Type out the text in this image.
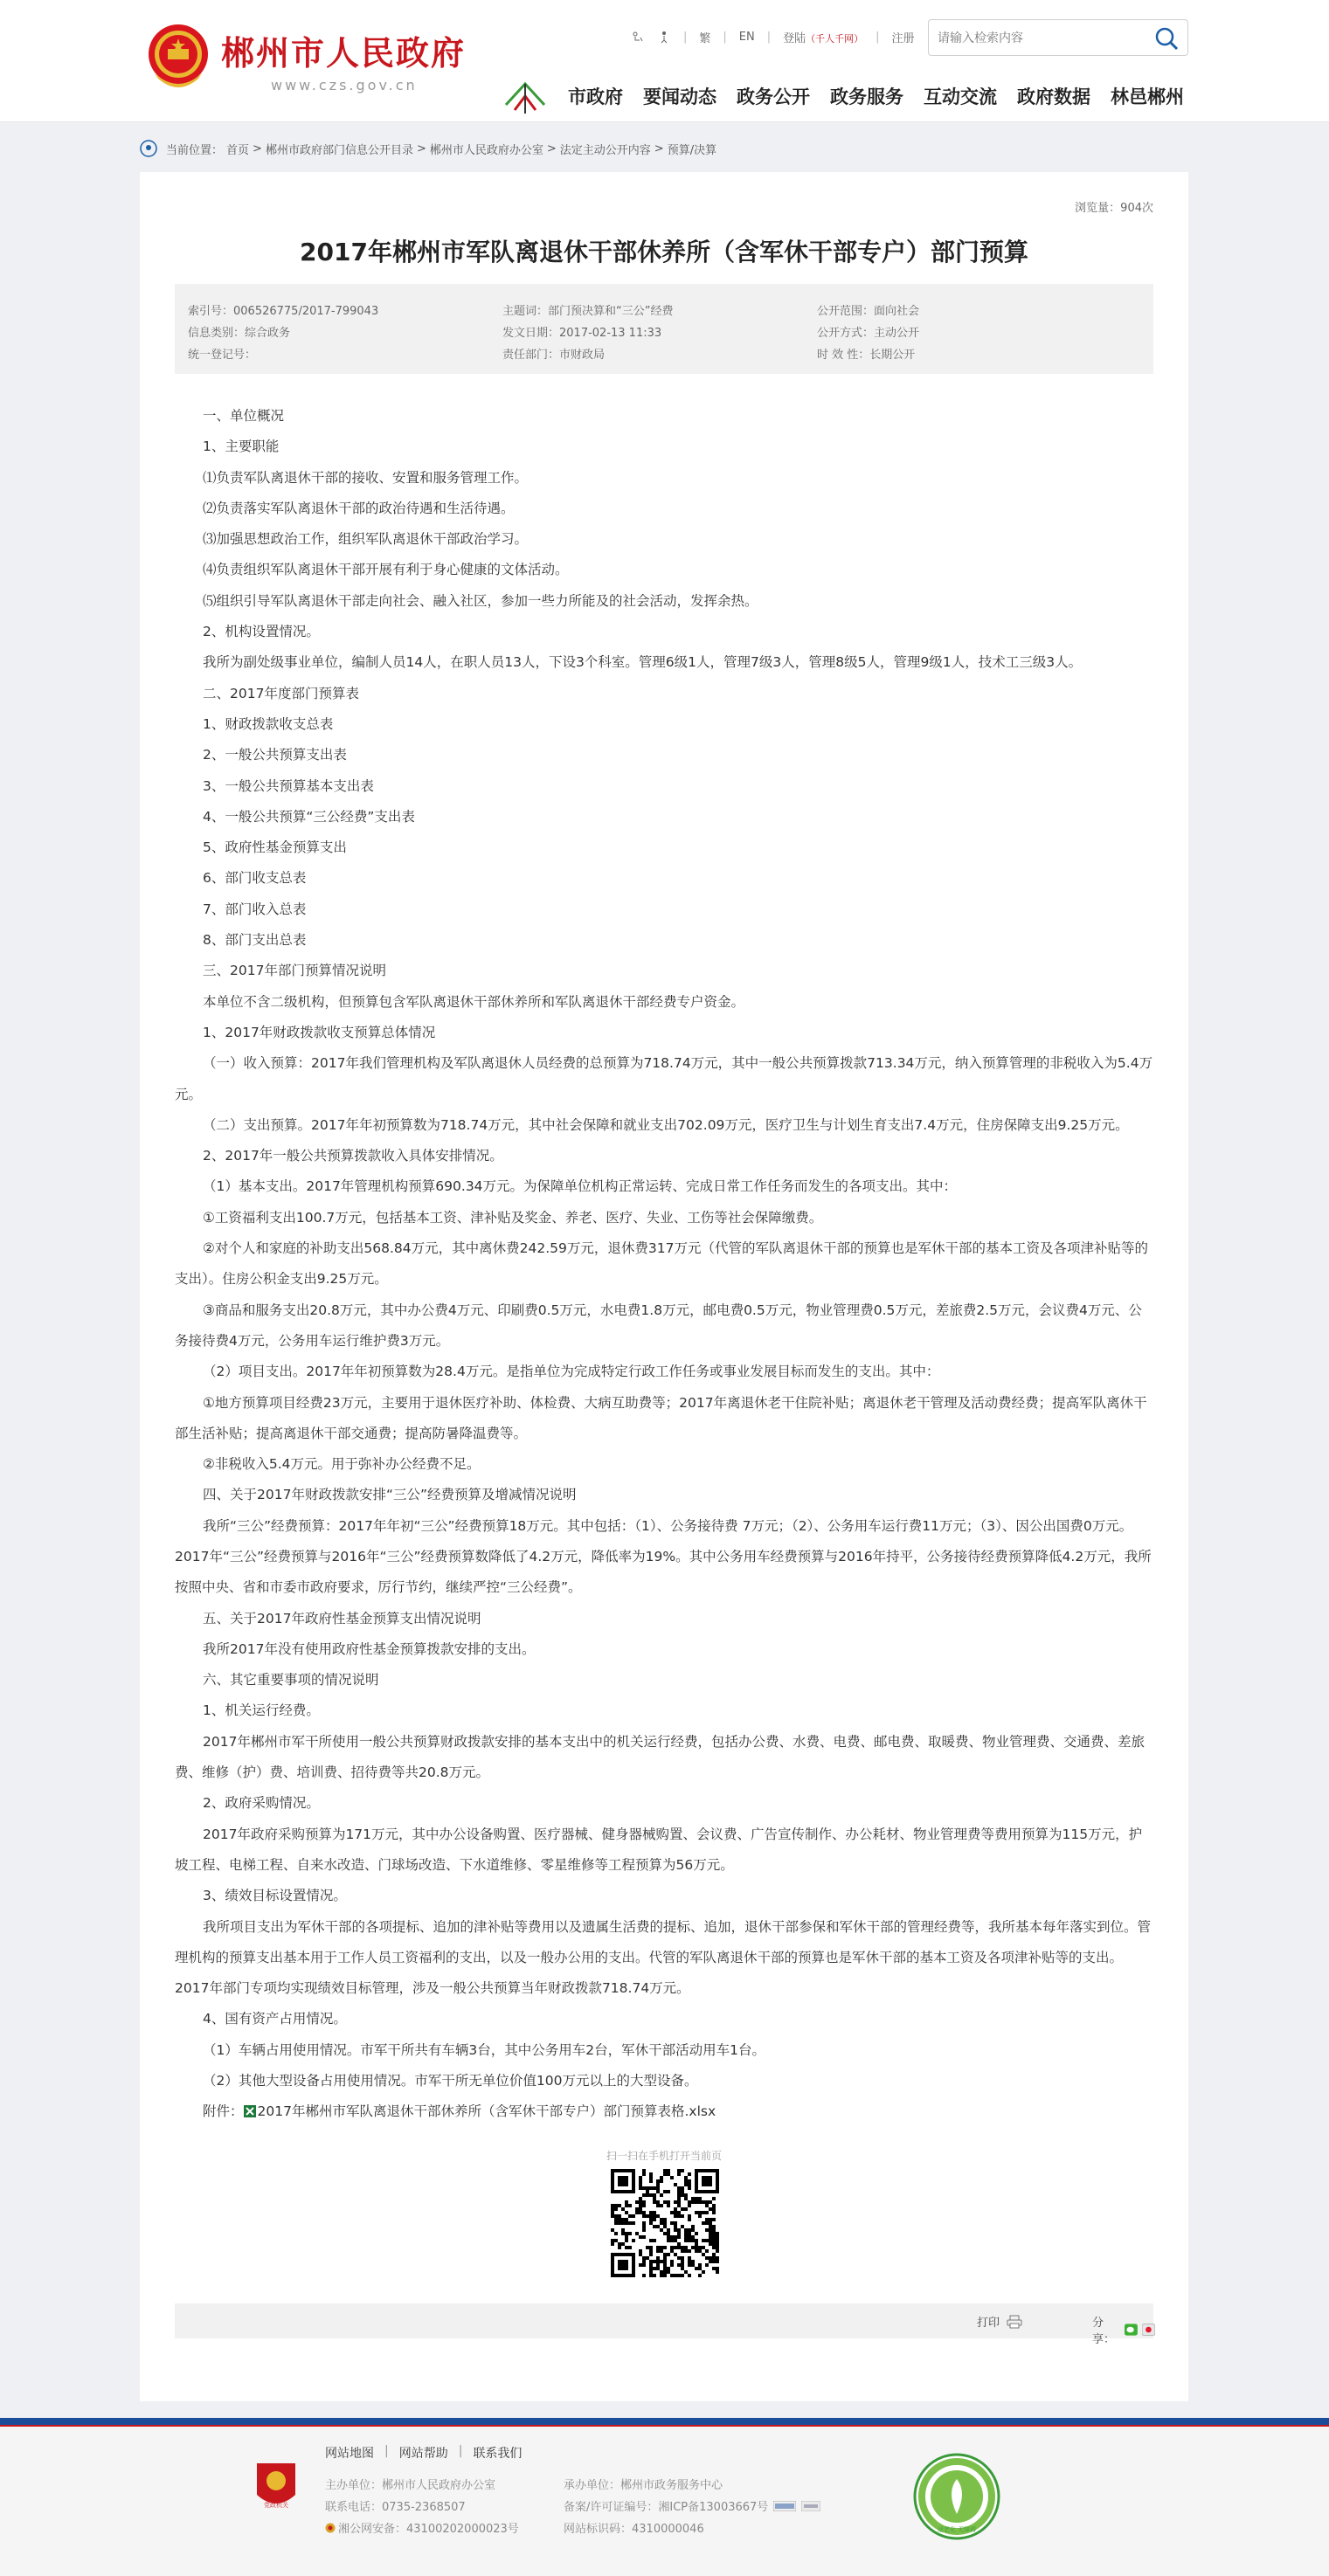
郴州市人民政府
www.czs.gov.cn
| 繁 | EN | 登陆（千人千网） | 注册
请输入检索内容
市政府 要闻动态 政务公开 政务服务 互动交流 政府数据 林邑郴州
当前位置： 首页 > 郴州市政府部门信息公开目录 > 郴州市人民政府办公室 > 法定主动公开内容 > 预算/决算
浏览量：904次
2017年郴州市军队离退休干部休养所（含军休干部专户）部门预算
索引号：006526775/2017-799043
信息类别：综合政务
统一登记号：
主题词：部门预决算和“三公”经费
发文日期：2017-02-13 11:33
责任部门：市财政局
公开范围：面向社会
公开方式：主动公开
时 效 性：长期公开

一、单位概况

1、主要职能

⑴负责军队离退休干部的接收、安置和服务管理工作。

⑵负责落实军队离退休干部的政治待遇和生活待遇。

⑶加强思想政治工作，组织军队离退休干部政治学习。

⑷负责组织军队离退休干部开展有利于身心健康的文体活动。

⑸组织引导军队离退休干部走向社会、融入社区，参加一些力所能及的社会活动，发挥余热。

2、机构设置情况。

我所为副处级事业单位，编制人员14人，在职人员13人，下设3个科室。管理6级1人，管理7级3人，管理8级5人，管理9级1人，技术工三级3人。

二、2017年度部门预算表

1、财政拨款收支总表

2、一般公共预算支出表

3、一般公共预算基本支出表

4、一般公共预算“三公经费”支出表

5、政府性基金预算支出

6、部门收支总表

7、部门收入总表

8、部门支出总表

三、2017年部门预算情况说明

本单位不含二级机构，但预算包含军队离退休干部休养所和军队离退休干部经费专户资金。

1、2017年财政拨款收支预算总体情况

（一）收入预算：2017年我们管理机构及军队离退休人员经费的总预算为718.74万元，其中一般公共预算拨款713.34万元，纳入预算管理的非税收入为5.4万元。

（二）支出预算。2017年年初预算数为718.74万元，其中社会保障和就业支出702.09万元，医疗卫生与计划生育支出7.4万元，住房保障支出9.25万元。

2、2017年一般公共预算拨款收入具体安排情况。

（1）基本支出。2017年管理机构预算690.34万元。为保障单位机构正常运转、完成日常工作任务而发生的各项支出。其中：

①工资福利支出100.7万元，包括基本工资、津补贴及奖金、养老、医疗、失业、工伤等社会保障缴费。

②对个人和家庭的补助支出568.84万元，其中离休费242.59万元，退休费317万元（代管的军队离退休干部的预算也是军休干部的基本工资及各项津补贴等的支出）。住房公积金支出9.25万元。

③商品和服务支出20.8万元，其中办公费4万元、印刷费0.5万元，水电费1.8万元，邮电费0.5万元，物业管理费0.5万元，差旅费2.5万元，会议费4万元、公务接待费4万元，公务用车运行维护费3万元。

（2）项目支出。2017年年初预算数为28.4万元。是指单位为完成特定行政工作任务或事业发展目标而发生的支出。其中：

①地方预算项目经费23万元，主要用于退休医疗补助、体检费、大病互助费等；2017年离退休老干住院补贴；离退休老干管理及活动费经费；提高军队离休干部生活补贴；提高离退休干部交通费；提高防暑降温费等。

②非税收入5.4万元。用于弥补办公经费不足。

四、关于2017年财政拨款安排“三公”经费预算及增减情况说明

我所“三公”经费预算：2017年年初“三公”经费预算18万元。其中包括：（1）、公务接待费 7万元；（2）、公务用车运行费11万元；（3）、因公出国费0万元。2017年“三公”经费预算与2016年“三公”经费预算数降低了4.2万元，降低率为19%。其中公务用车经费预算与2016年持平，公务接待经费预算降低4.2万元，我所按照中央、省和市委市政府要求，厉行节约，继续严控“三公经费”。

五、关于2017年政府性基金预算支出情况说明

我所2017年没有使用政府性基金预算拨款安排的支出。

六、其它重要事项的情况说明

1、机关运行经费。

2017年郴州市军干所使用一般公共预算财政拨款安排的基本支出中的机关运行经费，包括办公费、水费、电费、邮电费、取暖费、物业管理费、交通费、差旅费、维修（护）费、培训费、招待费等共20.8万元。

2、政府采购情况。

2017年政府采购预算为171万元，其中办公设备购置、医疗器械、健身器械购置、会议费、广告宣传制作、办公耗材、物业管理费等费用预算为115万元，护坡工程、电梯工程、自来水改造、门球场改造、下水道维修、零星维修等工程预算为56万元。

3、绩效目标设置情况。

我所项目支出为军休干部的各项提标、追加的津补贴等费用以及遗属生活费的提标、追加，退休干部参保和军休干部的管理经费等，我所基本每年落实到位。管理机构的预算支出基本用于工作人员工资福利的支出，以及一般办公用的支出。代管的军队离退休干部的预算也是军休干部的基本工资及各项津补贴等的支出。2017年部门专项均实现绩效目标管理，涉及一般公共预算当年财政拨款718.74万元。

4、国有资产占用情况。

（1）车辆占用使用情况。市军干所共有车辆3台，其中公务用车2台，军休干部活动用车1台。

（2）其他大型设备占用使用情况。市军干所无单位价值100万元以上的大型设备。

附件： 2017年郴州市军队离退休干部休养所（含军休干部专户）部门预算表格.xlsx

扫一扫在手机打开当前页
打印	分享：
网站地图 | 网站帮助 | 联系我们
党政机关
主办单位：郴州市人民政府办公室
联系电话：0735-2368507
湘公网安备：43100202000023号
承办单位：郴州市政务服务中心
备案/许可证编号：湘ICP备13003667号
网站标识码：4310000046	适老化 无障碍
